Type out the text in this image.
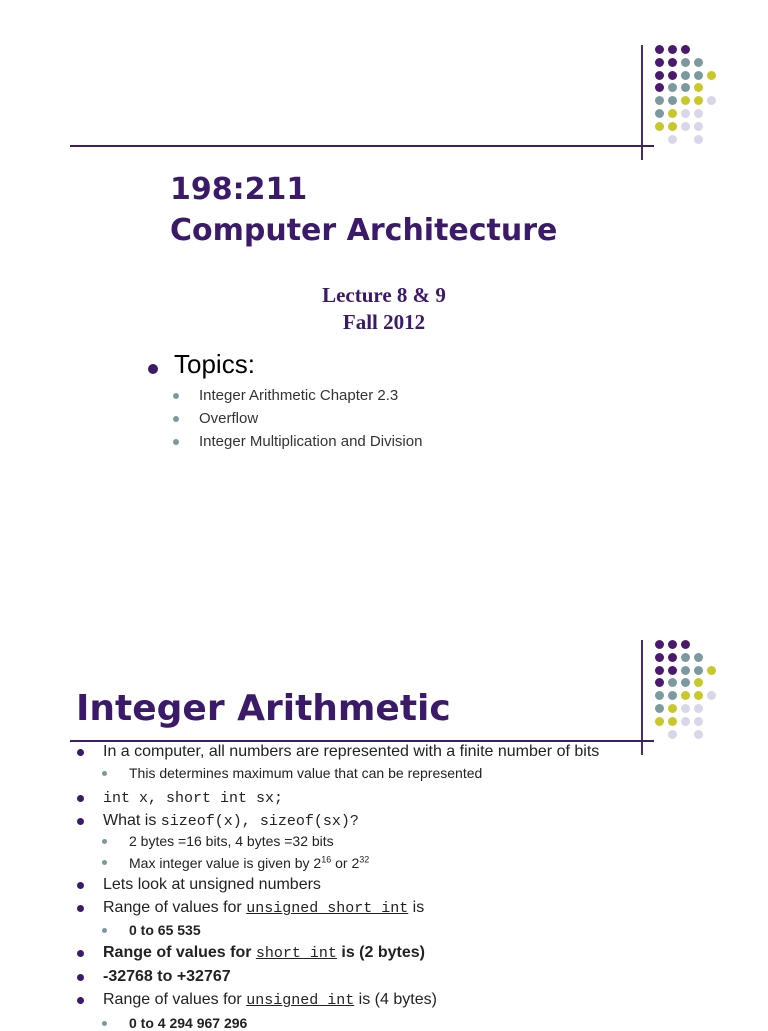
198:211
Computer Architecture
Lecture 8 & 9
Fall 2012
Topics:
Integer Arithmetic Chapter 2.3
Overflow
Integer Multiplication and Division
Integer Arithmetic
In a computer, all numbers are represented with a finite number of bits
This determines maximum value that can be represented
int x, short int sx;
What is sizeof(x), sizeof(sx)?
2 bytes =16 bits, 4 bytes =32 bits
Max integer value is given by $2^{16}$ or $2^{32}$
Lets look at unsigned numbers
Range of values for unsigned short int is
0 to 65 535
Range of values for short int is (2 bytes)
-32768 to +32767
Range of values for unsigned int is (4 bytes)
0 to 4 294 967 296
